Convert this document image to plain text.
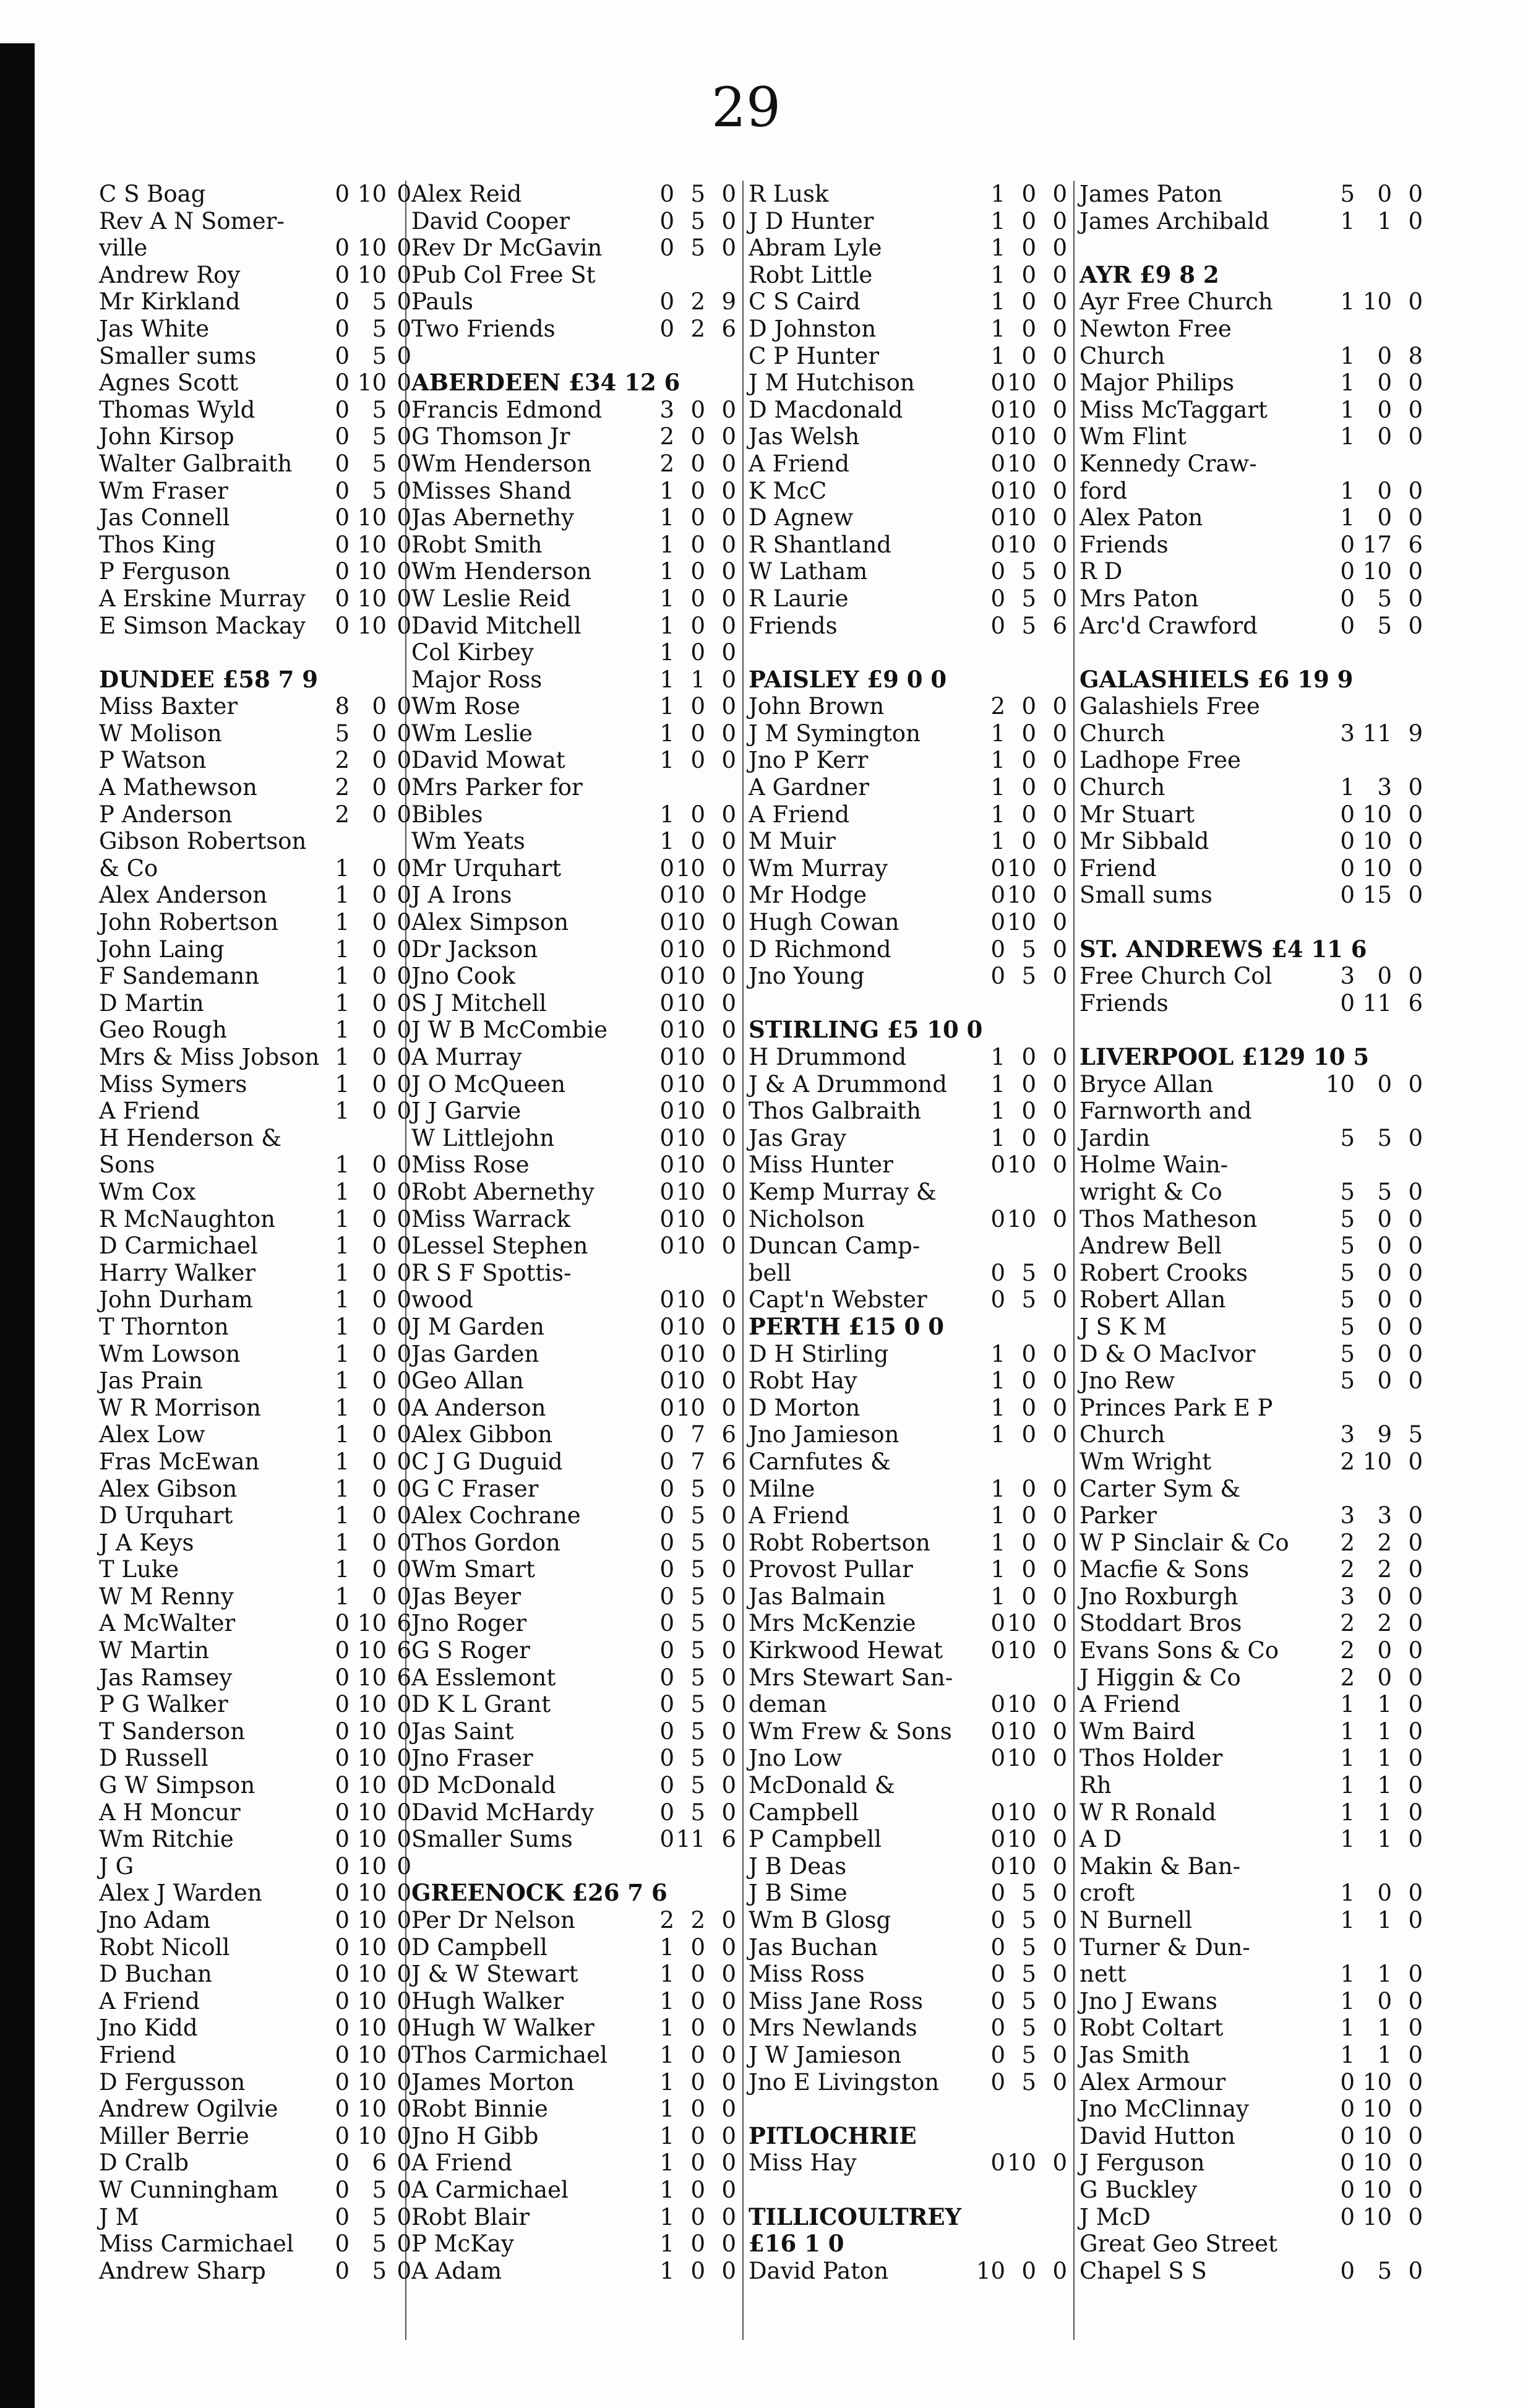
29
C S Boag	0 10 0
Rev A N Somer-
ville	0 10 0
Andrew Roy	0 10 0
Mr Kirkland	0 5 0
Jas White	0 5 0
Smaller sums	0 5 0
Agnes Scott	0 10 0
Thomas Wyld	0 5 0
John Kirsop	0 5 0
Walter Galbraith	0 5 0
Wm Fraser	0 5 0
Jas Connell	0 10 0
Thos King	0 10 0
P Ferguson	0 10 0
A Erskine Murray	0 10 0
E Simson Mackay	0 10 0
DUNDEE £58 7 9
Miss Baxter	8 0 0
W Molison	5 0 0
P Watson	2 0 0
A Mathewson	2 0 0
P Anderson	2 0 0
Gibson Robertson
& Co	1 0 0
Alex Anderson	1 0 0
John Robertson	1 0 0
John Laing	1 0 0
F Sandemann	1 0 0
D Martin	1 0 0
Geo Rough	1 0 0
Mrs & Miss Jobson 1 0 0
Miss Symers	1 0 0
A Friend	1 0 0
H Henderson &
Sons	1 0 0
Wm Cox	1 0 0
R McNaughton	1 0 0
D Carmichael	1 0 0
Harry Walker	1 0 0
John Durham	1 0 0
T Thornton	1 0 0
Wm Lowson	1 0 0
Jas Prain	1 0 0
W R Morrison	1 0 0
Alex Low	1 0 0
Fras McEwan	1 0 0
Alex Gibson	1 0 0
D Urquhart	1 0 0
J A Keys	1 0 0
T Luke	1 0 0
W M Renny	1 0 0
A McWalter	0 10 6
W Martin	0 10 6
Jas Ramsey	0 10 6
P G Walker	0 10 0
T Sanderson	0 10 0
D Russell	0 10 0
G W Simpson	0 10 0
A H Moncur	0 10 0
Wm Ritchie	0 10 0
J G	0 10 0
Alex J Warden	0 10 0
Jno Adam	0 10 0
Robt Nicoll	0 10 0
D Buchan	0 10 0
A Friend	0 10 0
Jno Kidd	0 10 0
Friend	0 10 0
D Fergusson	0 10 0
Andrew Ogilvie	0 10 0
Miller Berrie	0 10 0
D Cralb	0 6 0
W Cunningham	0 5 0
J M	0 5 0
Miss Carmichael	0 5 0
Andrew Sharp	0 5 0
Alex Reid	0 5 0
David Cooper	0 5 0
Rev Dr McGavin	0 5 0
Pub Col Free St
Pauls	0 2 9
Two Friends	0 2 6
ABERDEEN £34 12 6
Francis Edmond	3 0 0
G Thomson Jr	2 0 0
Wm Henderson	2 0 0
Misses Shand	1 0 0
Jas Abernethy	1 0 0
Robt Smith	1 0 0
Wm Henderson	1 0 0
W Leslie Reid	1 0 0
David Mitchell	1 0 0
Col Kirbey	1 0 0
Major Ross	1 1 0
Wm Rose	1 0 0
Wm Leslie	1 0 0
David Mowat	1 0 0
Mrs Parker for
Bibles	1 0 0
Wm Yeats	1 0 0
Mr Urquhart	0 10 0
J A Irons	0 10 0
Alex Simpson	0 10 0
Dr Jackson	0 10 0
Jno Cook	0 10 0
S J Mitchell	0 10 0
J W B McCombie	0 10 0
A Murray	0 10 0
J O McQueen	0 10 0
J J Garvie	0 10 0
W Littlejohn	0 10 0
Miss Rose	0 10 0
Robt Abernethy	0 10 0
Miss Warrack	0 10 0
Lessel Stephen	0 10 0
R S F Spottis-
wood	0 10 0
J M Garden	0 10 0
Jas Garden	0 10 0
Geo Allan	0 10 0
A Anderson	0 10 0
Alex Gibbon	0 7 6
C J G Duguid	0 7 6
G C Fraser	0 5 0
Alex Cochrane	0 5 0
Thos Gordon	0 5 0
Wm Smart	0 5 0
Jas Beyer	0 5 0
Jno Roger	0 5 0
G S Roger	0 5 0
A Esslemont	0 5 0
D K L Grant	0 5 0
Jas Saint	0 5 0
Jno Fraser	0 5 0
D McDonald	0 5 0
David McHardy	0 5 0
Smaller Sums	0 11 6
GREENOCK £26 7 6
Per Dr Nelson	2 2 0
D Campbell	1 0 0
J & W Stewart	1 0 0
Hugh Walker	1 0 0
Hugh W Walker	1 0 0
Thos Carmichael	1 0 0
James Morton	1 0 0
Robt Binnie	1 0 0
Jno H Gibb	1 0 0
A Friend	1 0 0
A Carmichael	1 0 0
Robt Blair	1 0 0
P McKay	1 0 0
A Adam	1 0 0
R Lusk	1 0 0
J D Hunter	1 0 0
Abram Lyle	1 0 0
Robt Little	1 0 0
C S Caird	1 0 0
D Johnston	1 0 0
C P Hunter	1 0 0
J M Hutchison	0 10 0
D Macdonald	0 10 0
Jas Welsh	0 10 0
A Friend	0 10 0
K McC	0 10 0
D Agnew	0 10 0
R Shantland	0 10 0
W Latham	0 5 0
R Laurie	0 5 0
Friends	0 5 6
PAISLEY £9 0 0
John Brown	2 0 0
J M Symington	1 0 0
Jno P Kerr	1 0 0
A Gardner	1 0 0
A Friend	1 0 0
M Muir	1 0 0
Wm Murray	0 10 0
Mr Hodge	0 10 0
Hugh Cowan	0 10 0
D Richmond	0 5 0
Jno Young	0 5 0
STIRLING £5 10 0
H Drummond	1 0 0
J & A Drummond	1 0 0
Thos Galbraith	1 0 0
Jas Gray	1 0 0
Miss Hunter	0 10 0
Kemp Murray &
Nicholson	0 10 0
Duncan Camp-
bell	0 5 0
Capt'n Webster	0 5 0
PERTH £15 0 0
D H Stirling	1 0 0
Robt Hay	1 0 0
D Morton	1 0 0
Jno Jamieson	1 0 0
Carnfutes &
Milne	1 0 0
A Friend	1 0 0
Robt Robertson	1 0 0
Provost Pullar	1 0 0
Jas Balmain	1 0 0
Mrs McKenzie	0 10 0
Kirkwood Hewat	0 10 0
Mrs Stewart San-
deman	0 10 0
Wm Frew & Sons	0 10 0
Jno Low	0 10 0
McDonald &
Campbell	0 10 0
P Campbell	0 10 0
J B Deas	0 10 0
J B Sime	0 5 0
Wm B Glosg	0 5 0
Jas Buchan	0 5 0
Miss Ross	0 5 0
Miss Jane Ross	0 5 0
Mrs Newlands	0 5 0
J W Jamieson	0 5 0
Jno E Livingston	0 5 0
PITLOCHRIE
Miss Hay	0 10 0
TILLICOULTREY
£16 1 0
David Paton	10 0 0
James Paton	5 0 0
James Archibald	1 1 0
AYR £9 8 2
Ayr Free Church	1 10 0
Newton Free
Church	1 0 8
Major Philips	1 0 0
Miss McTaggart	1 0 0
Wm Flint	1 0 0
Kennedy Craw-
ford	1 0 0
Alex Paton	1 0 0
Friends	0 17 6
R D	0 10 0
Mrs Paton	0 5 0
Arc'd Crawford	0 5 0
GALASHIELS £6 19 9
Galashiels Free
Church	3 11 9
Ladhope Free
Church	1 3 0
Mr Stuart	0 10 0
Mr Sibbald	0 10 0
Friend	0 10 0
Small sums	0 15 0
ST. ANDREWS £4 11 6
Free Church Col	3 0 0
Friends	0 11 6
LIVERPOOL £129 10 5
Bryce Allan	10 0 0
Farnworth and
Jardin	5 5 0
Holme Wain-
wright & Co	5 5 0
Thos Matheson	5 0 0
Andrew Bell	5 0 0
Robert Crooks	5 0 0
Robert Allan	5 0 0
J S K M	5 0 0
D & O MacIvor	5 0 0
Jno Rew	5 0 0
Princes Park E P
Church	3 9 5
Wm Wright	2 10 0
Carter Sym &
Parker	3 3 0
W P Sinclair & Co	2 2 0
Macfie & Sons	2 2 0
Jno Roxburgh	3 0 0
Stoddart Bros	2 2 0
Evans Sons & Co	2 0 0
J Higgin & Co	2 0 0
A Friend	1 1 0
Wm Baird	1 1 0
Thos Holder	1 1 0
Rh	1 1 0
W R Ronald	1 1 0
A D	1 1 0
Makin & Ban-
croft	1 0 0
N Burnell	1 1 0
Turner & Dun-
nett	1 1 0
Jno J Ewans	1 0 0
Robt Coltart	1 1 0
Jas Smith	1 1 0
Alex Armour	0 10 0
Jno McClinnay	0 10 0
David Hutton	0 10 0
J Ferguson	0 10 0
G Buckley	0 10 0
J McD	0 10 0
Great Geo Street
Chapel S S	0 5 0
